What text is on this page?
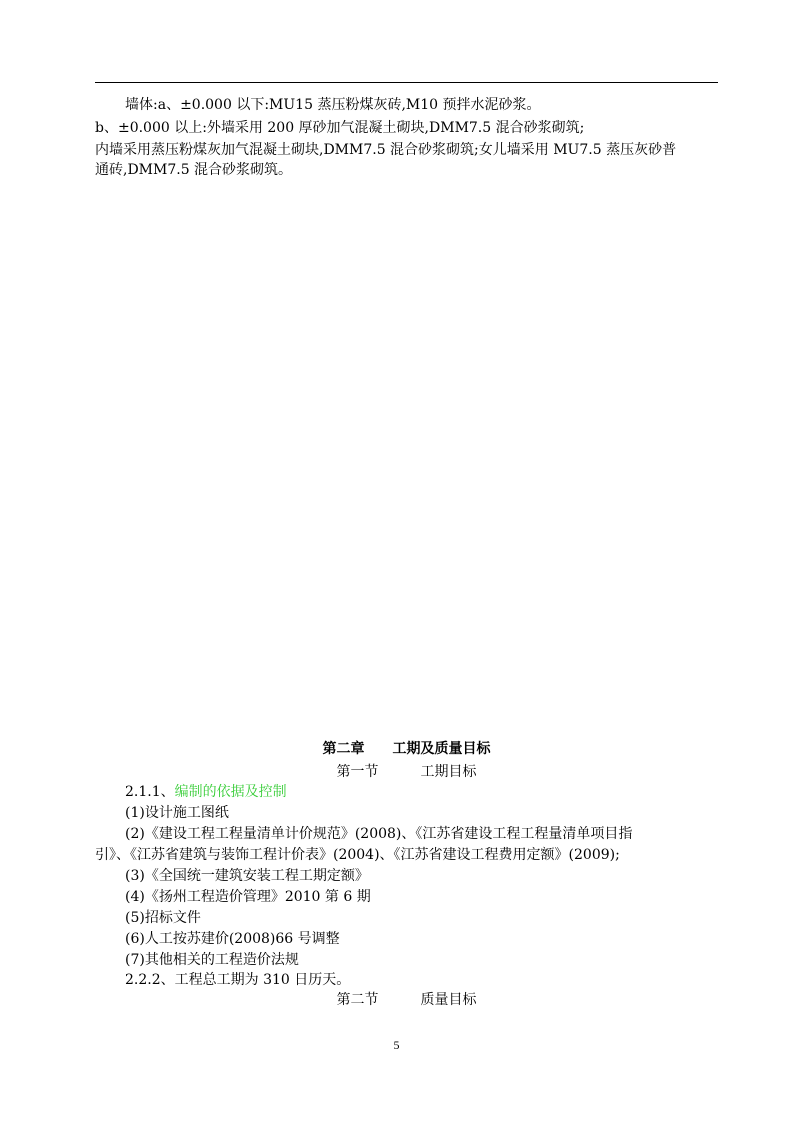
墙体:a、±0.000 以下:MU15 蒸压粉煤灰砖,M10 预拌水泥砂浆。
b、±0.000 以上:外墙采用 200 厚砂加气混凝土砌块,DMM7.5 混合砂浆砌筑;
内墙采用蒸压粉煤灰加气混凝土砌块,DMM7.5 混合砂浆砌筑;女儿墙采用 MU7.5 蒸压灰砂普
通砖,DMM7.5 混合砂浆砌筑。
第二章 工期及质量目标
第一节	工期目标
2.1.1、编制的依据及控制
(1)设计施工图纸
(2)《建设工程工程量清单计价规范》(2008)、《江苏省建设工程工程量清单项目指
引》、《江苏省建筑与装饰工程计价表》(2004)、《江苏省建设工程费用定额》(2009);
(3)《全国统一建筑安装工程工期定额》
(4)《扬州工程造价管理》2010 第 6 期
(5)招标文件
(6)人工按苏建价(2008)66 号调整
(7)其他相关的工程造价法规
2.2.2、工程总工期为 310 日历天。
第二节	质量目标
5
